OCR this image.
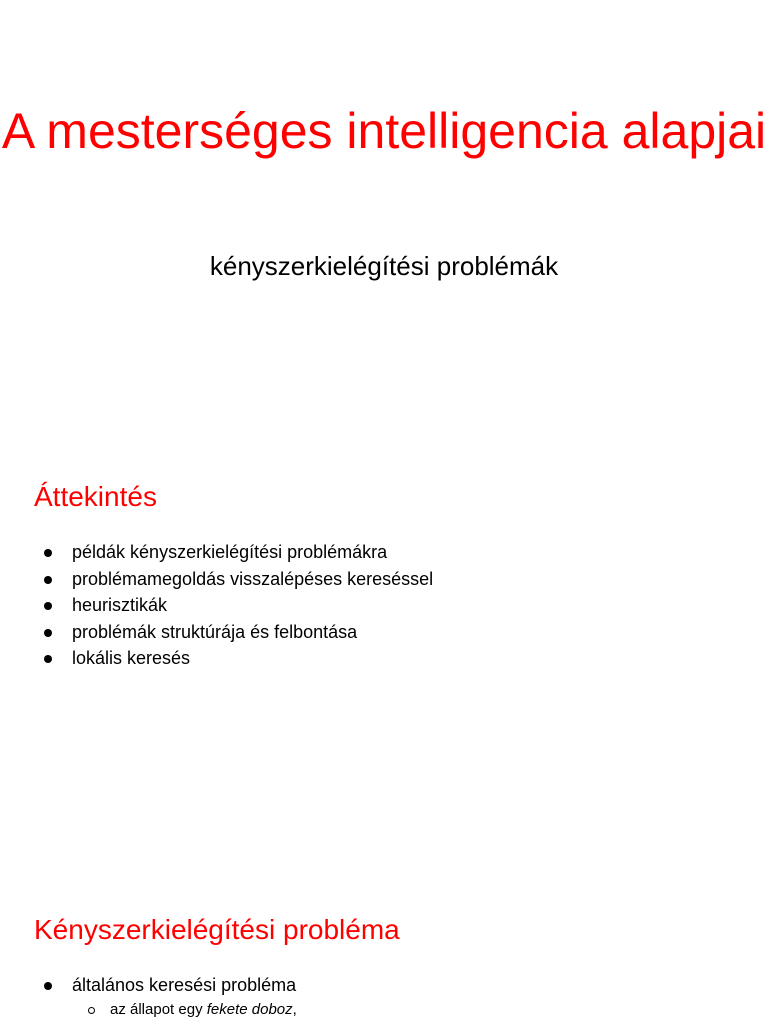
A mesterséges intelligencia alapjai
kényszerkielégítési problémák
Áttekintés
példák kényszerkielégítési problémákra
problémamegoldás visszalépéses kereséssel
heurisztikák
problémák struktúrája és felbontása
lokális keresés
Kényszerkielégítési probléma
általános keresési probléma
az állapot egy fekete doboz,
